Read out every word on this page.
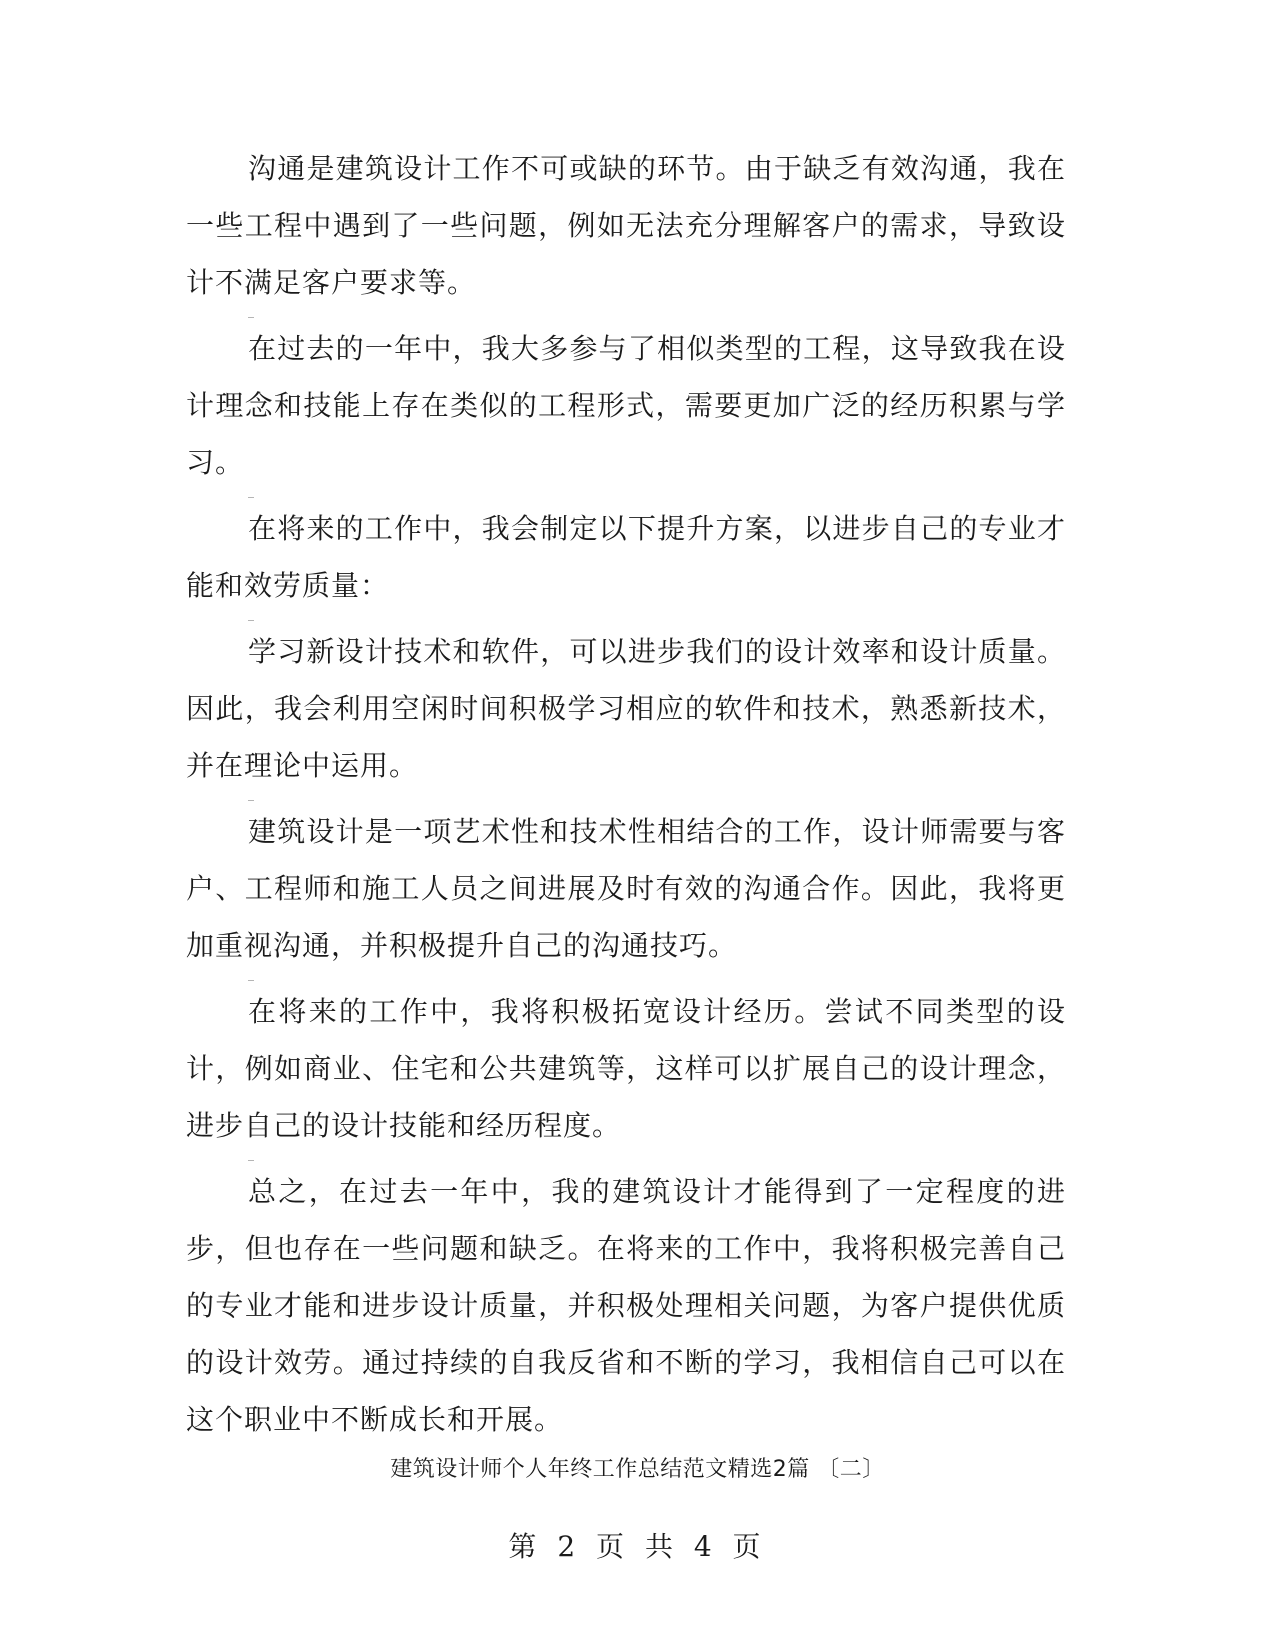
沟通是建筑设计工作不可或缺的环节。由于缺乏有效沟通，我在一些工程中遇到了一些问题，例如无法充分理解客户的需求，导致设计不满足客户要求等。

在过去的一年中，我大多参与了相似类型的工程，这导致我在设计理念和技能上存在类似的工程形式，需要更加广泛的经历积累与学习。

在将来的工作中，我会制定以下提升方案，以进步自己的专业才能和效劳质量：

学习新设计技术和软件，可以进步我们的设计效率和设计质量。因此，我会利用空闲时间积极学习相应的软件和技术，熟悉新技术，并在理论中运用。

建筑设计是一项艺术性和技术性相结合的工作，设计师需要与客户、工程师和施工人员之间进展及时有效的沟通合作。因此，我将更加重视沟通，并积极提升自己的沟通技巧。

在将来的工作中，我将积极拓宽设计经历。尝试不同类型的设计，例如商业、住宅和公共建筑等，这样可以扩展自己的设计理念，进步自己的设计技能和经历程度。

总之，在过去一年中，我的建筑设计才能得到了一定程度的进步，但也存在一些问题和缺乏。在将来的工作中，我将积极完善自己的专业才能和进步设计质量，并积极处理相关问题，为客户提供优质的设计效劳。通过持续的自我反省和不断的学习，我相信自己可以在这个职业中不断成长和开展。

建筑设计师个人年终工作总结范文精选2篇 〔二〕
第 2 页 共 4 页
